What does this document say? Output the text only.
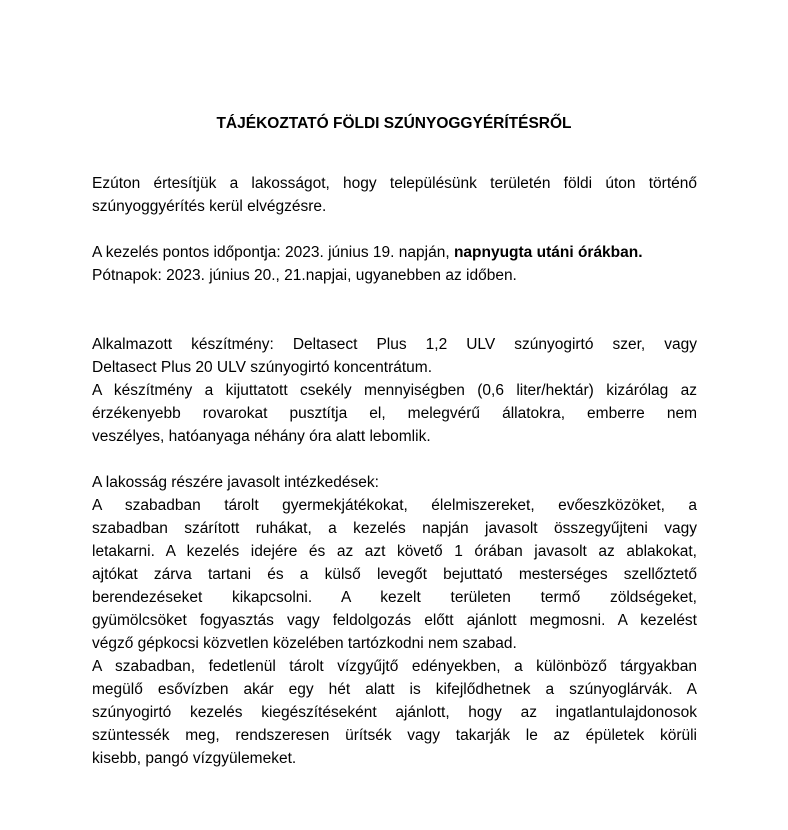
TÁJÉKOZTATÓ FÖLDI SZÚNYOGGYÉRÍTÉSRŐL

Ezúton értesítjük a lakosságot, hogy településünk területén földi úton történő
szúnyoggyérítés kerül elvégzésre.

A kezelés pontos időpontja: 2023. június 19. napján, napnyugta utáni órákban.
Pótnapok: 2023. június 20., 21.napjai, ugyanebben az időben.

Alkalmazott készítmény: Deltasect Plus 1,2 ULV szúnyogirtó szer, vagy
Deltasect Plus 20 ULV szúnyogirtó koncentrátum.
A készítmény a kijuttatott csekély mennyiségben (0,6 liter/hektár) kizárólag az
érzékenyebb rovarokat pusztítja el, melegvérű állatokra, emberre nem
veszélyes, hatóanyaga néhány óra alatt lebomlik.

A lakosság részére javasolt intézkedések:
A szabadban tárolt gyermekjátékokat, élelmiszereket, evőeszközöket, a
szabadban szárított ruhákat, a kezelés napján javasolt összegyűjteni vagy
letakarni. A kezelés idejére és az azt követő 1 órában javasolt az ablakokat,
ajtókat zárva tartani és a külső levegőt bejuttató mesterséges szellőztető
berendezéseket kikapcsolni. A kezelt területen termő zöldségeket,
gyümölcsöket fogyasztás vagy feldolgozás előtt ajánlott megmosni. A kezelést
végző gépkocsi közvetlen közelében tartózkodni nem szabad.
A szabadban, fedetlenül tárolt vízgyűjtő edényekben, a különböző tárgyakban
megülő esővízben akár egy hét alatt is kifejlődhetnek a szúnyoglárvák. A
szúnyogirtó kezelés kiegészítéseként ajánlott, hogy az ingatlantulajdonosok
szüntessék meg, rendszeresen ürítsék vagy takarják le az épületek körüli
kisebb, pangó vízgyülemeket.
